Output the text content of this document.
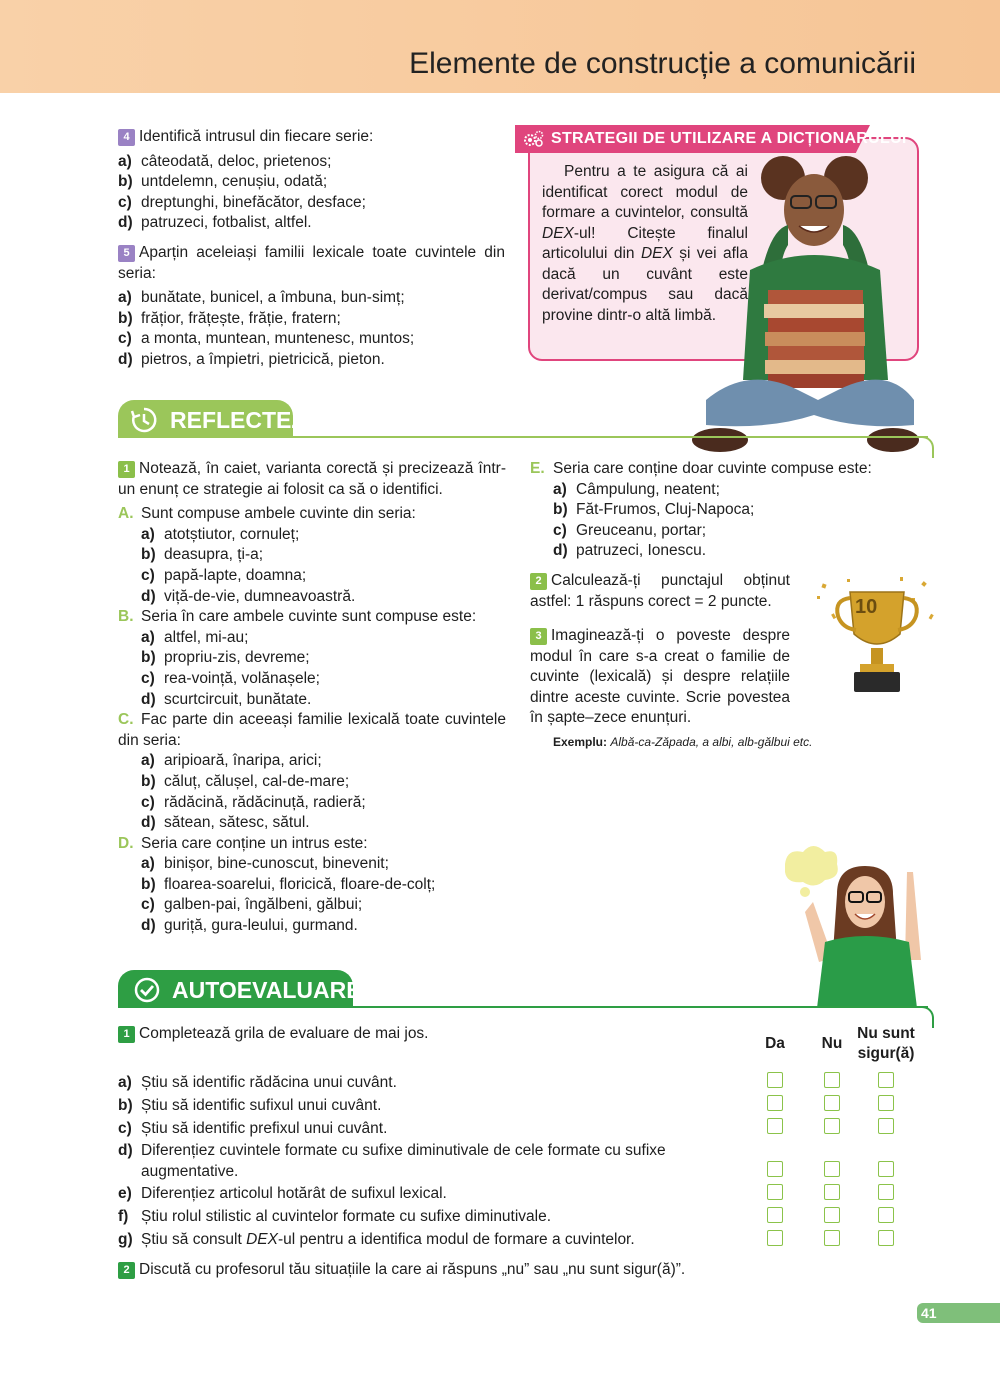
Elemente de construcție a comunicării
4 Identifică intrusul din fiecare serie:
a) câteodată, deloc, prietenos;
b) untdelemn, cenușiu, odată;
c) dreptunghi, binefăcător, desface;
d) patruzeci, fotbalist, altfel.
5 Aparțin aceleiași familii lexicale toate cuvintele din seria:
a) bunătate, bunicel, a îmbuna, bun-simț;
b) frățior, frățește, frăție, fratern;
c) a monta, muntean, muntenesc, muntos;
d) pietros, a împietri, pietricică, pieton.
STRATEGII DE UTILIZARE A DICȚIONARULUI
Pentru a te asigura că ai identificat corect modul de formare a cuvintelor, consultă DEX-ul! Citește finalul articolului din DEX și vei afla dacă un cuvânt este derivat/compus sau dacă provine dintr-o altă limbă.
REFLECTEZ
1 Notează, în caiet, varianta corectă și precizează într-un enunț ce strategie ai folosit ca să o identifici.
A. Sunt compuse ambele cuvinte din seria:
a) atotștiutor, cornuleț;
b) deasupra, ți-a;
c) papă-lapte, doamna;
d) viță-de-vie, dumneavoastră.
B. Seria în care ambele cuvinte sunt compuse este:
a) altfel, mi-au;
b) propriu-zis, devreme;
c) rea-voință, volănașele;
d) scurtcircuit, bunătate.
C. Fac parte din aceeași familie lexicală toate cuvintele din seria:
a) aripioară, înaripa, arici;
b) căluț, călușel, cal-de-mare;
c) rădăcină, rădăcinuță, radieră;
d) sătean, sătesc, sătul.
D. Seria care conține un intrus este:
a) binișor, bine-cunoscut, binevenit;
b) floarea-soarelui, floricică, floare-de-colț;
c) galben-pai, îngălbeni, gălbui;
d) guriță, gura-leului, gurmand.
E. Seria care conține doar cuvinte compuse este:
a) Câmpulung, neatent;
b) Făt-Frumos, Cluj-Napoca;
c) Greuceanu, portar;
d) patruzeci, Ionescu.
2 Calculează-ți punctajul obținut astfel: 1 răspuns corect = 2 puncte.
3 Imaginează-ți o poveste despre modul în care s-a creat o familie de cuvinte (lexicală) și despre relațiile dintre aceste cuvinte. Scrie povestea în șapte–zece enunțuri.
Exemplu: Albă-ca-Zăpada, a albi, alb-gălbui etc.
10
AUTOEVALUARE
1 Completează grila de evaluare de mai jos.
Da Nu
Nu sunt sigur(ă)
a) Știu să identific rădăcina unui cuvânt.
b) Știu să identific sufixul unui cuvânt.
c) Știu să identific prefixul unui cuvânt.
d) Diferențiez cuvintele formate cu sufixe diminutivale de cele formate cu sufixe augmentative.
e) Diferențiez articolul hotărât de sufixul lexical.
f) Știu rolul stilistic al cuvintelor formate cu sufixe diminutivale.
g) Știu să consult DEX-ul pentru a identifica modul de formare a cuvintelor.
2 Discută cu profesorul tău situațiile la care ai răspuns „nu” sau „nu sunt sigur(ă)”.
41
